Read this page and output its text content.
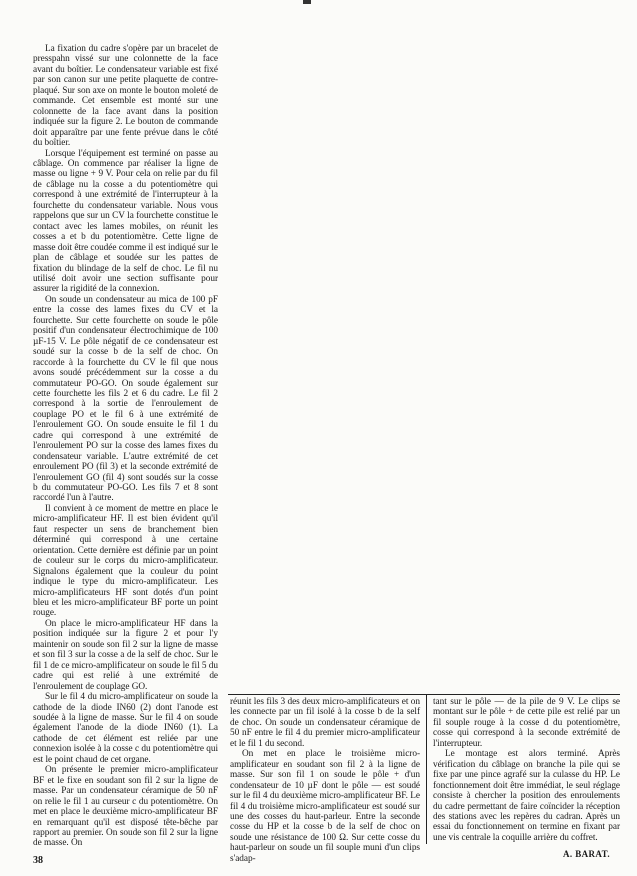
La fixation du cadre s'opère par un bracelet de presspahn vissé sur une colonnette de la face avant du boîtier. Le condensateur variable est fixé par son canon sur une petite plaquette de contre-plaqué. Sur son axe on monte le bouton moleté de commande. Cet ensemble est monté sur une colonnette de la face avant dans la position indiquée sur la figure 2. Le bouton de commande doit apparaître par une fente prévue dans le côté du boîtier.

Lorsque l'équipement est terminé on passe au câblage. On commence par réaliser la ligne de masse ou ligne + 9 V. Pour cela on relie par du fil de câblage nu la cosse a du potentiomètre qui correspond à une extrémité de l'interrupteur à la fourchette du condensateur variable. Nous vous rappelons que sur un CV la fourchette constitue le contact avec les lames mobiles, on réunit les cosses a et b du potentiomètre. Cette ligne de masse doit être coudée comme il est indiqué sur le plan de câblage et soudée sur les pattes de fixation du blindage de la self de choc. Le fil nu utilisé doit avoir une section suffisante pour assurer la rigidité de la connexion.

On soude un condensateur au mica de 100 pF entre la cosse des lames fixes du CV et la fourchette. Sur cette fourchette on soude le pôle positif d'un condensateur électrochimique de 100 µF-15 V. Le pôle négatif de ce condensateur est soudé sur la cosse b de la self de choc. On raccorde à la fourchette du CV le fil que nous avons soudé précédemment sur la cosse a du commutateur PO-GO. On soude également sur cette fourchette les fils 2 et 6 du cadre. Le fil 2 correspond à la sortie de l'enroulement de couplage PO et le fil 6 à une extrémité de l'enroulement GO. On soude ensuite le fil 1 du cadre qui correspond à une extrémité de l'enroulement PO sur la cosse des lames fixes du condensateur variable. L'autre extrémité de cet enroulement PO (fil 3) et la seconde extrémité de l'enroulement GO (fil 4) sont soudés sur la cosse b du commutateur PO-GO. Les fils 7 et 8 sont raccordé l'un à l'autre.

Il convient à ce moment de mettre en place le micro-amplificateur HF. Il est bien évident qu'il faut respecter un sens de branchement bien déterminé qui correspond à une certaine orientation. Cette dernière est définie par un point de couleur sur le corps du micro-amplificateur. Signalons également que la couleur du point indique le type du micro-amplificateur. Les micro-amplificateurs HF sont dotés d'un point bleu et les micro-amplificateur BF porte un point rouge.

On place le micro-amplificateur HF dans la position indiquée sur la figure 2 et pour l'y maintenir on soude son fil 2 sur la ligne de masse et son fil 3 sur la cosse a de la self de choc. Sur le fil 1 de ce micro-amplificateur on soude le fil 5 du cadre qui est relié à une extrémité de l'enroulement de couplage GO.

Sur le fil 4 du micro-amplificateur on soude la cathode de la diode IN60 (2) dont l'anode est soudée à la ligne de masse. Sur le fil 4 on soude également l'anode de la diode IN60 (1). La cathode de cet élément est reliée par une connexion isolée à la cosse c du potentiomètre qui est le point chaud de cet organe.

On présente le premier micro-amplificateur BF et le fixe en soudant son fil 2 sur la ligne de masse. Par un condensateur céramique de 50 nF on relie le fil 1 au curseur c du potentiomètre. On met en place le deuxième micro-amplificateur BF en remarquant qu'il est disposé tête-bêche par rapport au premier. On soude son fil 2 sur la ligne de masse. On

réunit les fils 3 des deux micro-amplificateurs et on les connecte par un fil isolé à la cosse b de la self de choc. On soude un condensateur céramique de 50 nF entre le fil 4 du premier micro-amplificateur et le fil 1 du second.

On met en place le troisième micro-amplificateur en soudant son fil 2 à la ligne de masse. Sur son fil 1 on soude le pôle + d'un condensateur de 10 µF dont le pôle — est soudé sur le fil 4 du deuxième micro-amplificateur BF. Le fil 4 du troisième micro-amplificateur est soudé sur une des cosses du haut-parleur. Entre la seconde cosse du HP et la cosse b de la self de choc on soude une résistance de 100 Ω. Sur cette cosse du haut-parleur on soude un fil souple muni d'un clips s'adap-

tant sur le pôle — de la pile de 9 V. Le clips se montant sur le pôle + de cette pile est relié par un fil souple rouge à la cosse d du potentiomètre, cosse qui correspond à la seconde extrémité de l'interrupteur.

Le montage est alors terminé. Après vérification du câblage on branche la pile qui se fixe par une pince agrafé sur la culasse du HP. Le fonctionnement doit être immédiat, le seul réglage consiste à chercher la position des enroulements du cadre permettant de faire coïncider la réception des stations avec les repères du cadran. Après un essai du fonctionnement on termine en fixant par une vis centrale la coquille arrière du coffret.

A. BARAT.
38
